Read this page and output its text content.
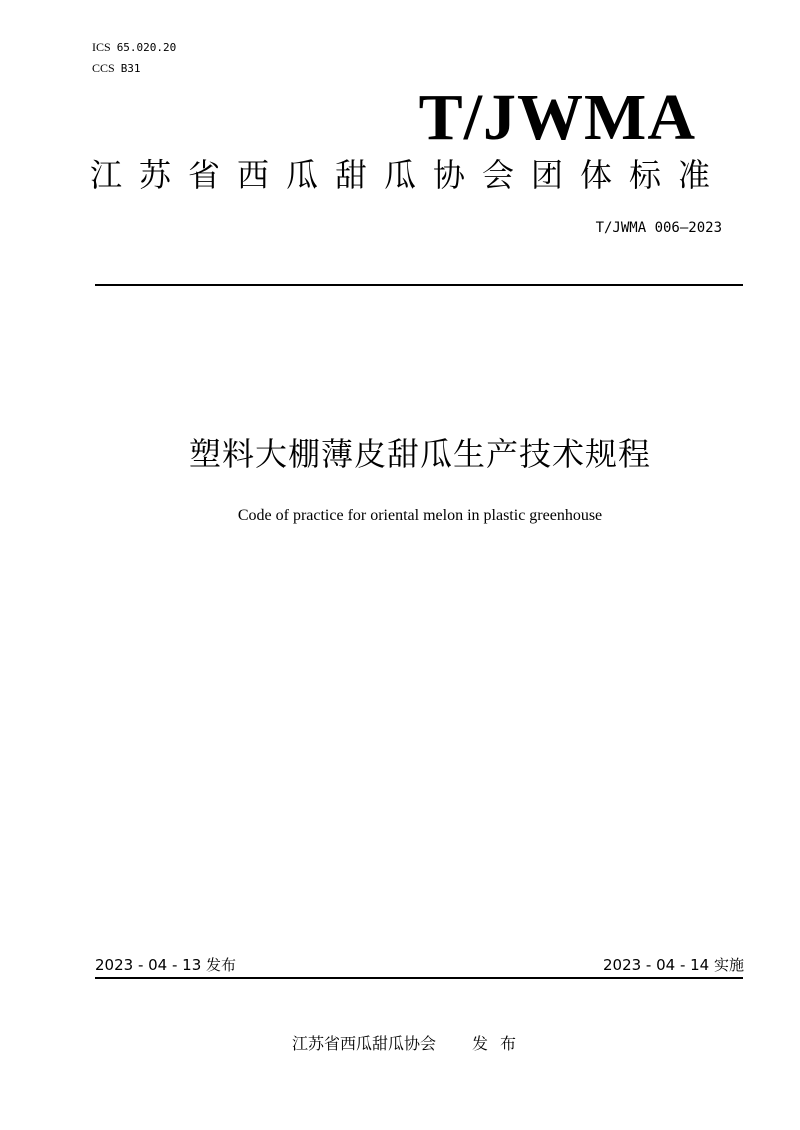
ICS 65.020.20
CCS B31
T/JWMA
江苏省西瓜甜瓜协会团体标准
T/JWMA 006—2023
塑料大棚薄皮甜瓜生产技术规程
Code of practice for oriental melon in plastic greenhouse
2023 - 04 - 13 发布	2023 - 04 - 14 实施
江苏省西瓜甜瓜协会 发布
